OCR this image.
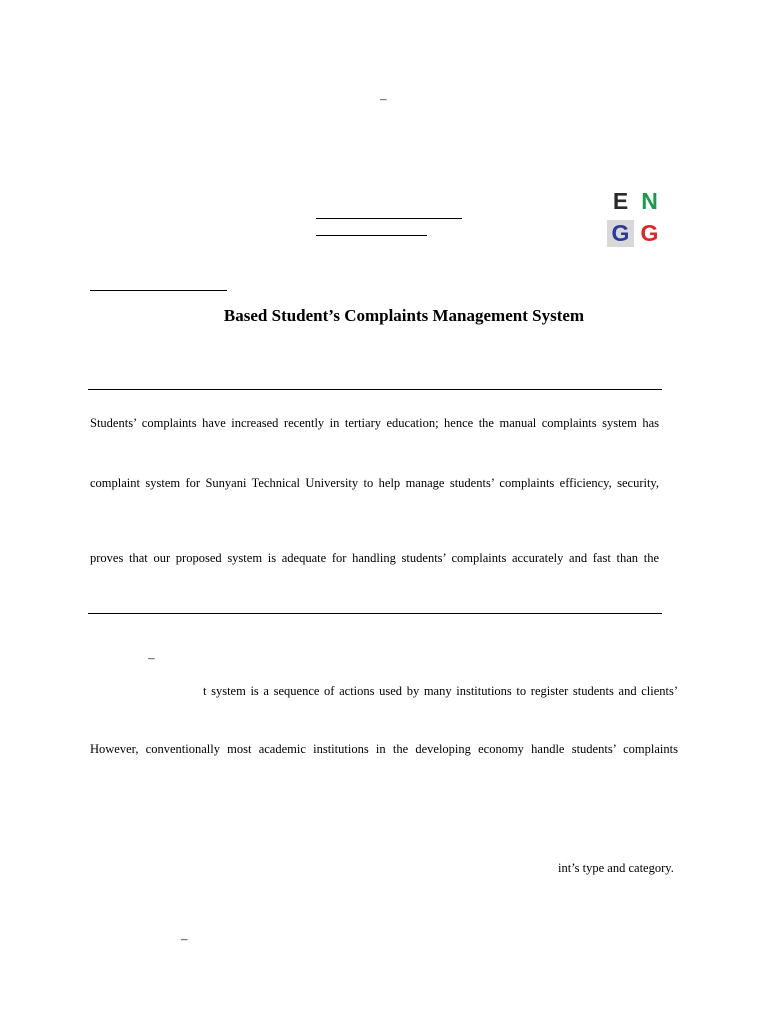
–
E N
G G
Based Student’s Complaints Management System
Students’ complaints have increased recently in tertiary education; hence the manual complaints system has
complaint system for Sunyani Technical University to help manage students’ complaints efficiency, security,
proves that our proposed system is adequate for handling students’ complaints accurately and fast than the
–
t system is a sequence of actions used by many institutions to register students and clients’
However, conventionally most academic institutions in the developing economy handle students’ complaints
int’s type and category.
–
